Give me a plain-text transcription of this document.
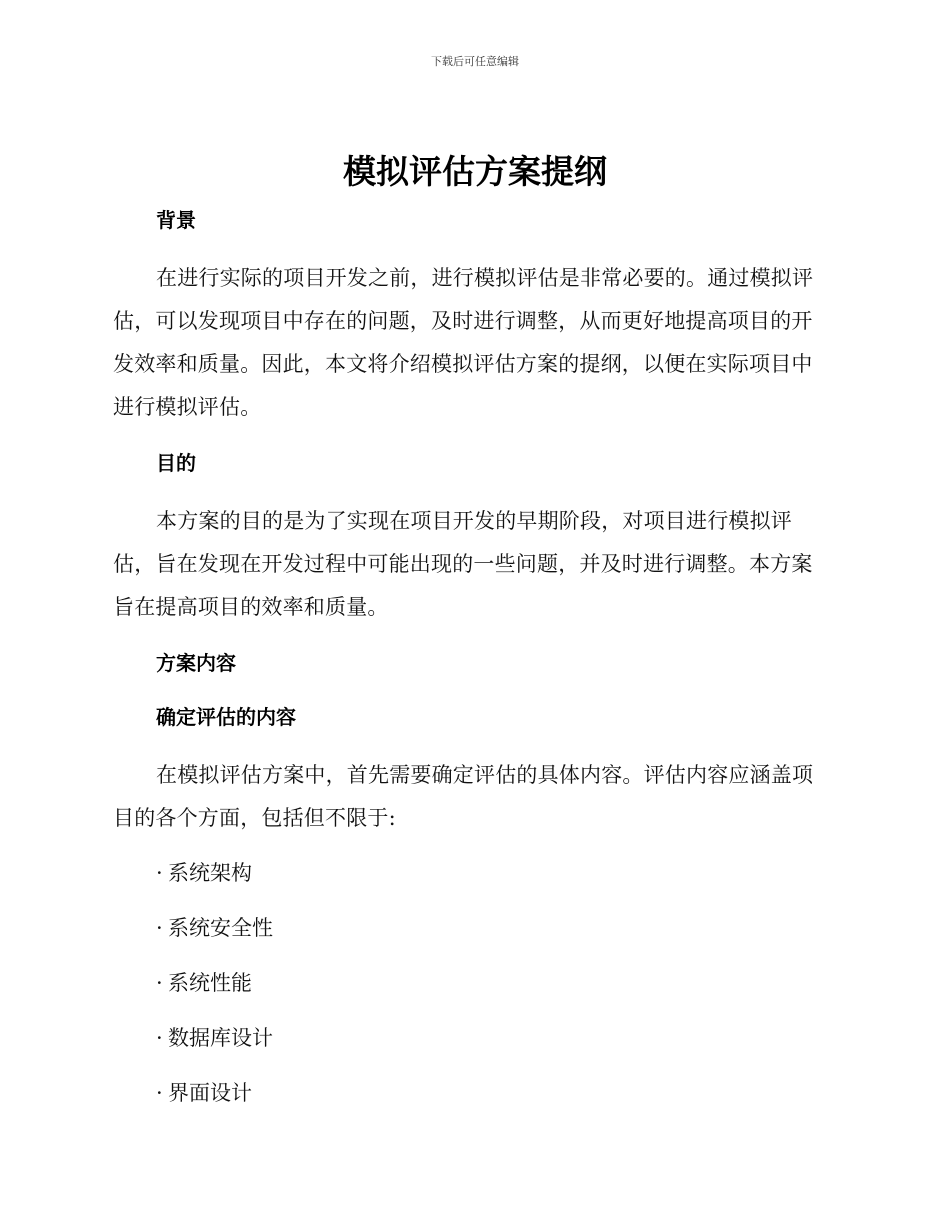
下载后可任意编辑
模拟评估方案提纲

背景

在进行实际的项目开发之前，进行模拟评估是非常必要的。通过模拟评估，可以发现项目中存在的问题，及时进行调整，从而更好地提高项目的开发效率和质量。因此，本文将介绍模拟评估方案的提纲，以便在实际项目中进行模拟评估。

目的

本方案的目的是为了实现在项目开发的早期阶段，对项目进行模拟评估，旨在发现在开发过程中可能出现的一些问题，并及时进行调整。本方案旨在提高项目的效率和质量。

方案内容

确定评估的内容

在模拟评估方案中，首先需要确定评估的具体内容。评估内容应涵盖项目的各个方面，包括但不限于:

· 系统架构

· 系统安全性

· 系统性能

· 数据库设计

· 界面设计
